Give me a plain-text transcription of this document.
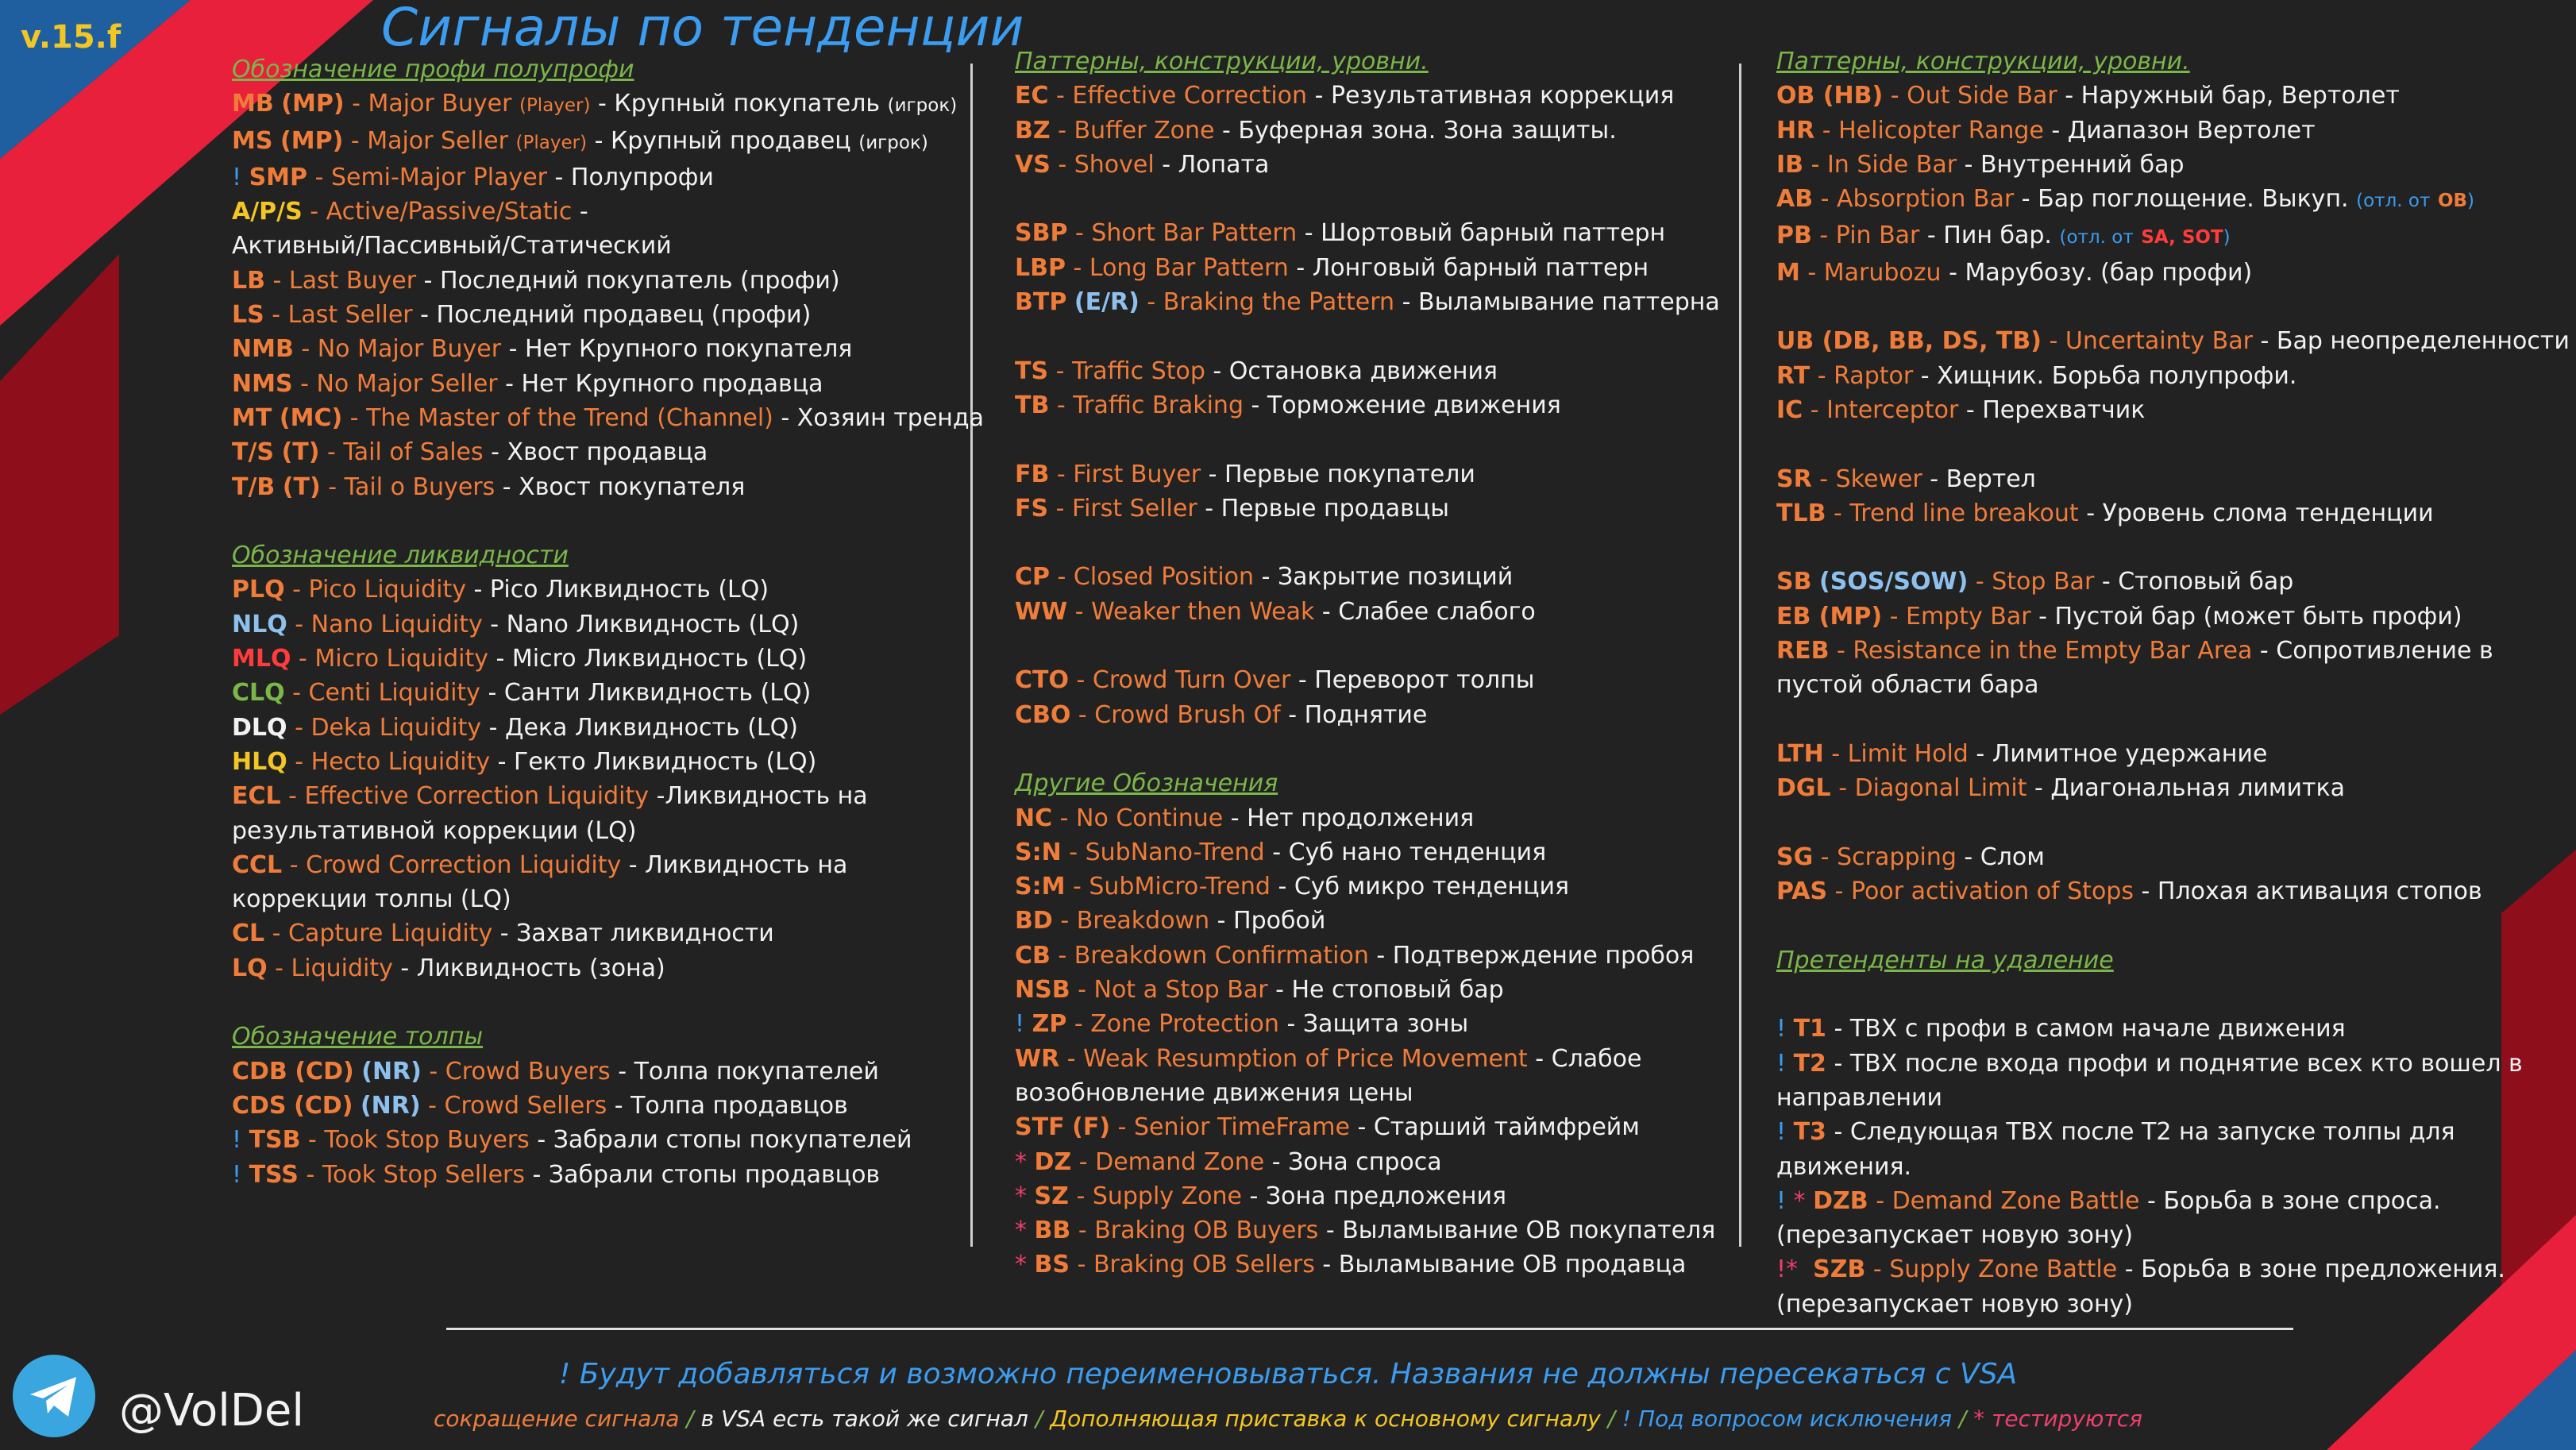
v.15.f	Сигналы по тенденции
Обозначение профи полупрофи
MB (MP) - Major Buyer (Player) - Крупный покупатель (игрок)
MS (MP) - Major Seller (Player) - Крупный продавец (игрок)
! SMP - Semi-Major Player - Полупрофи
A/P/S - Active/Passive/Static -
Активный/Пассивный/Статический
LB - Last Buyer - Последний покупатель (профи)
LS - Last Seller - Последний продавец (профи)
NMB - No Major Buyer - Нет Крупного покупателя
NMS - No Major Seller - Нет Крупного продавца
MT (MC) - The Master of the Trend (Channel) - Хозяин тренда
T/S (T) - Tail of Sales - Хвост продавца
T/B (T) - Tail o Buyers - Хвост покупателя
Обозначение ликвидности
PLQ - Pico Liquidity - Pico Ликвидность (LQ)
NLQ - Nano Liquidity - Nano Ликвидность (LQ)
MLQ - Micro Liquidity - Micro Ликвидность (LQ)
CLQ - Centi Liquidity - Санти Ликвидность (LQ)
DLQ - Deka Liquidity - Дека Ликвидность (LQ)
HLQ - Hecto Liquidity - Гекто Ликвидность (LQ)
ECL - Effective Correction Liquidity -Ликвидность на результативной коррекции (LQ)
CCL - Crowd Correction Liquidity - Ликвидность на коррекции толпы (LQ)
CL - Capture Liquidity - Захват ликвидности
LQ - Liquidity - Ликвидность (зона)
Обозначение толпы
CDB (CD) (NR) - Crowd Buyers - Толпа покупателей
CDS (CD) (NR) - Crowd Sellers - Толпа продавцов
! TSB - Took Stop Buyers - Забрали стопы покупателей
! TSS - Took Stop Sellers - Забрали стопы продавцов
Паттерны, конструкции, уровни.
EC - Effective Correction - Результативная коррекция
BZ - Buffer Zone - Буферная зона. Зона защиты.
VS - Shovel - Лопата
SBP - Short Bar Pattern - Шортовый барный паттерн
LBP - Long Bar Pattern - Лонговый барный паттерн
BTP (E/R) - Braking the Pattern - Выламывание паттерна
TS - Traffic Stop - Остановка движения
TB - Traffic Braking - Торможение движения
FB - First Buyer - Первые покупатели
FS - First Seller - Первые продавцы
CP - Closed Position - Закрытие позиций
WW - Weaker then Weak - Слабее слабого
CTO - Crowd Turn Over - Переворот толпы
CBO - Crowd Brush Of - Поднятие
Другие Обозначения
NC - No Continue - Нет продолжения
S:N - SubNano-Trend - Суб нано тенденция
S:M - SubMicro-Trend - Суб микро тенденция
BD - Breakdown - Пробой
CB - Breakdown Confirmation - Подтверждение пробоя
NSB - Not a Stop Bar - Не стоповый бар
! ZP - Zone Protection - Защита зоны
WR - Weak Resumption of Price Movement - Слабое возобновление движения цены
STF (F) - Senior TimeFrame - Старший таймфрейм
* DZ - Demand Zone - Зона спроса
* SZ - Supply Zone - Зона предложения
* BB - Braking OB Buyers - Выламывание ОВ покупателя
* BS - Braking OB Sellers - Выламывание ОВ продавца
Паттерны, конструкции, уровни.
OB (HB) - Out Side Bar - Наружный бар, Вертолет
HR - Helicopter Range - Диапазон Вертолет
IB - In Side Bar - Внутренний бар
AB - Absorption Bar - Бар поглощение. Выкуп. (отл. от OB)
PB - Pin Bar - Пин бар. (отл. от SA, SOT)
M - Marubozu - Марубозу. (бар профи)
UB (DB, BB, DS, TB) - Uncertainty Bar - Бар неопределенности
RT - Raptor - Хищник. Борьба полупрофи.
IC - Interceptor - Перехватчик
SR - Skewer - Вертел
TLB - Trend line breakout - Уровень слома тенденции
SB (SOS/SOW) - Stop Bar - Стоповый бар
EB (MP) - Empty Bar - Пустой бар (может быть профи)
REB - Resistance in the Empty Bar Area - Сопротивление в пустой области бара
LTH - Limit Hold - Лимитное удержание
DGL - Diagonal Limit - Диагональная лимитка
SG - Scrapping - Слом
PAS - Poor activation of Stops - Плохая активация стопов
Претенденты на удаление
! T1 - ТВХ с профи в самом начале движения
! T2 - ТВХ после входа профи и поднятие всех кто вошел в направлении
! T3 - Следующая ТВХ после Т2 на запуске толпы для движения.
! * DZB - Demand Zone Battle - Борьба в зоне спроса. (перезапускает новую зону)
!* SZB - Supply Zone Battle - Борьба в зоне предложения. (перезапускает новую зону)
! Будут добавляться и возможно переименовываться. Названия не должны пересекаться с VSA
сокращение сигнала / в VSA есть такой же сигнал / Дополняющая приставка к основному сигналу / ! Под вопросом исключения / * тестируются
@VolDel
